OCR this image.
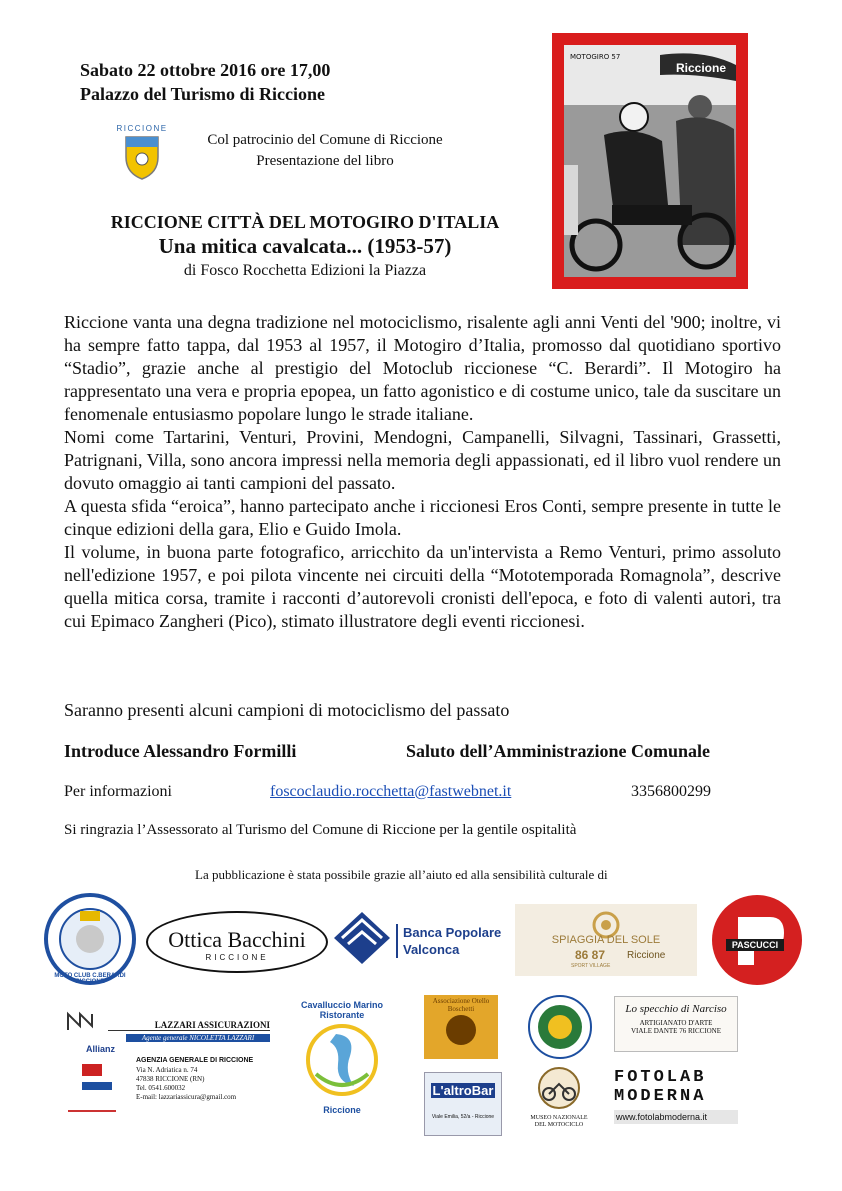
Sabato 22 ottobre 2016 ore 17,00
Palazzo del Turismo di Riccione
RICCIONE
Col patrocinio del Comune di Riccione
Presentazione del libro
RICCIONE CITTÀ DEL MOTOGIRO D'ITALIA
Una mitica cavalcata... (1953-57)
di Fosco Rocchetta Edizioni la Piazza
MOTOGIRO 57
Riccione

Riccione vanta una degna tradizione nel motociclismo, risalente agli anni Venti del '900; inoltre, vi ha sempre fatto tappa, dal 1953 al 1957, il Motogiro d’Italia, promosso dal quotidiano sportivo “Stadio”, grazie anche al prestigio del Motoclub riccionese “C. Berardi”. Il Motogiro ha rappresentato una vera e propria epopea, un fatto agonistico e di costume unico, tale da suscitare un fenomenale entusiasmo popolare lungo le strade italiane.

Nomi come Tartarini, Venturi, Provini, Mendogni, Campanelli, Silvagni, Tassinari, Grassetti, Patrignani, Villa, sono ancora impressi nella memoria degli appassionati, ed il libro vuol rendere un dovuto omaggio ai tanti campioni del passato.

A questa sfida “eroica”, hanno partecipato anche i riccionesi Eros Conti, sempre presente in tutte le cinque edizioni della gara, Elio e Guido Imola.

Il volume, in buona parte fotografico, arricchito da un'intervista a Remo Venturi, primo assoluto nell'edizione 1957, e poi pilota vincente nei circuiti della “Mototemporada Romagnola”, descrive quella mitica corsa, tramite i racconti d’autorevoli cronisti dell'epoca, e foto di valenti autori, tra cui Epimaco Zangheri (Pico), stimato illustratore degli eventi riccionesi.

Saranno presenti alcuni campioni di motociclismo del passato
Introduce Alessandro Formilli	Saluto dell’Amministrazione Comunale
Per informazioni	foscoclaudio.rocchetta@fastwebnet.it	3356800299
Si ringrazia l’Assessorato al Turismo del Comune di Riccione per la gentile ospitalità
La pubblicazione è stata possibile grazie all’aiuto ed alla sensibilità culturale di
MOTO CLUB C.BERARDI RICCIONE
Ottica Bacchini
RICCIONE
Banca Popolare
Valconca
SPIAGGIA DEL SOLE
86 87
SPORT VILLAGE
Riccione
PASCUCCI
LAZZARI ASSICURAZIONI
Agente generale NICOLETTA LAZZARI
Allianz
AGENZIA GENERALE DI RICCIONE
Via N. Adriatica n. 74
47838 RICCIONE (RN)
Tel. 0541.600032
E-mail: lazzariassicura@gmail.com
Cavalluccio Marino
Ristorante
Riccione
Associazione Otello Boschetti
L'altroBar
Viale Emilia, 52/a - Riccione	MUSEO NAZIONALE DEL MOTOCICLO
Lo specchio di Narciso
ARTIGIANATO D'ARTE
VIALE DANTE 76 RICCIONE
FOTOLAB
MODERNA
www.fotolabmoderna.it
